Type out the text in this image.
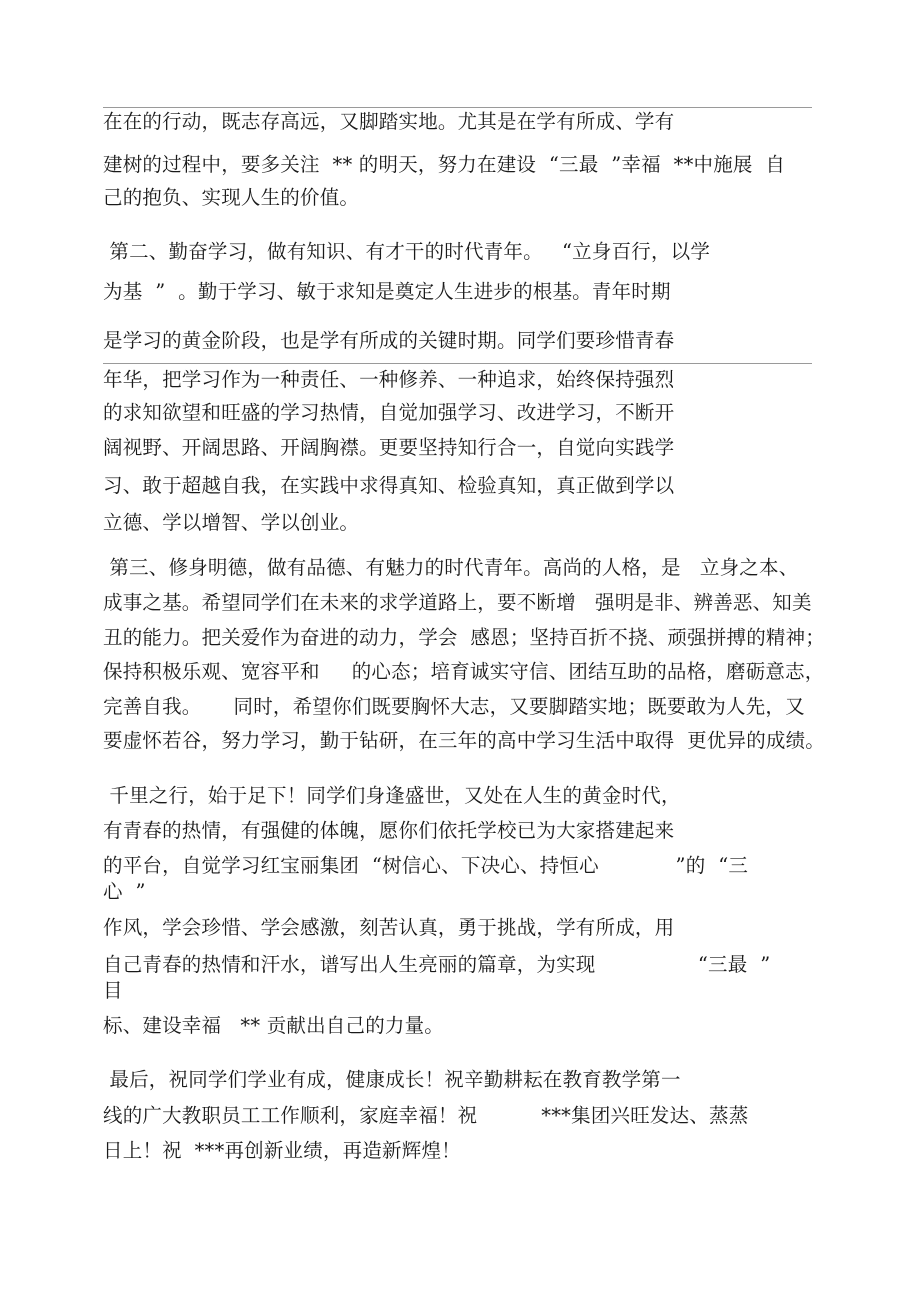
在在的行动，既志存高远，又脚踏实地。尤其是在学有所成、学有
建树的过程中，要多关注  ** 的明天，努力在建设  “三最  ”幸福  **中施展  自
己的抱负、实现人生的价值。
第二、勤奋学习，做有知识、有才干的时代青年。   “立身百行，以学
为基  ”  。勤于学习、敏于求知是奠定人生进步的根基。青年时期
是学习的黄金阶段，也是学有所成的关键时期。同学们要珍惜青春
年华，把学习作为一种责任、一种修养、一种追求，始终保持强烈
的求知欲望和旺盛的学习热情，自觉加强学习、改进学习，不断开
阔视野、开阔思路、开阔胸襟。更要坚持知行合一，自觉向实践学
习、敢于超越自我，在实践中求得真知、检验真知，真正做到学以
立德、学以增智、学以创业。
第三、修身明德，做有品德、有魅力的时代青年。高尚的人格，是   立身之本、
成事之基。希望同学们在未来的求学道路上，要不断增   强明是非、辨善恶、知美
丑的能力。把关爱作为奋进的动力，学会  感恩；坚持百折不挠、顽强拼搏的精神；
保持积极乐观、宽容平和     的心态；培育诚实守信、团结互助的品格，磨砺意志，
完善自我。     同时，希望你们既要胸怀大志，又要脚踏实地；既要敢为人先，又
要虚怀若谷，努力学习，勤于钻研，在三年的高中学习生活中取得  更优异的成绩。
千里之行，始于足下！同学们身逢盛世，又处在人生的黄金时代，
有青春的热情，有强健的体魄，愿你们依托学校已为大家搭建起来
的平台，自觉学习红宝丽集团  “树信心、下决心、持恒心            ”的  “三
心  ”
作风，学会珍惜、学会感激，刻苦认真，勇于挑战，学有所成，用
自己青春的热情和汗水，谱写出人生亮丽的篇章，为实现                “三最  ”
目
标、建设幸福   ** 贡献出自己的力量。
最后，祝同学们学业有成，健康成长！祝辛勤耕耘在教育教学第一
线的广大教职员工工作顺利，家庭幸福！祝          ***集团兴旺发达、蒸蒸
日上！祝  ***再创新业绩，再造新辉煌！
